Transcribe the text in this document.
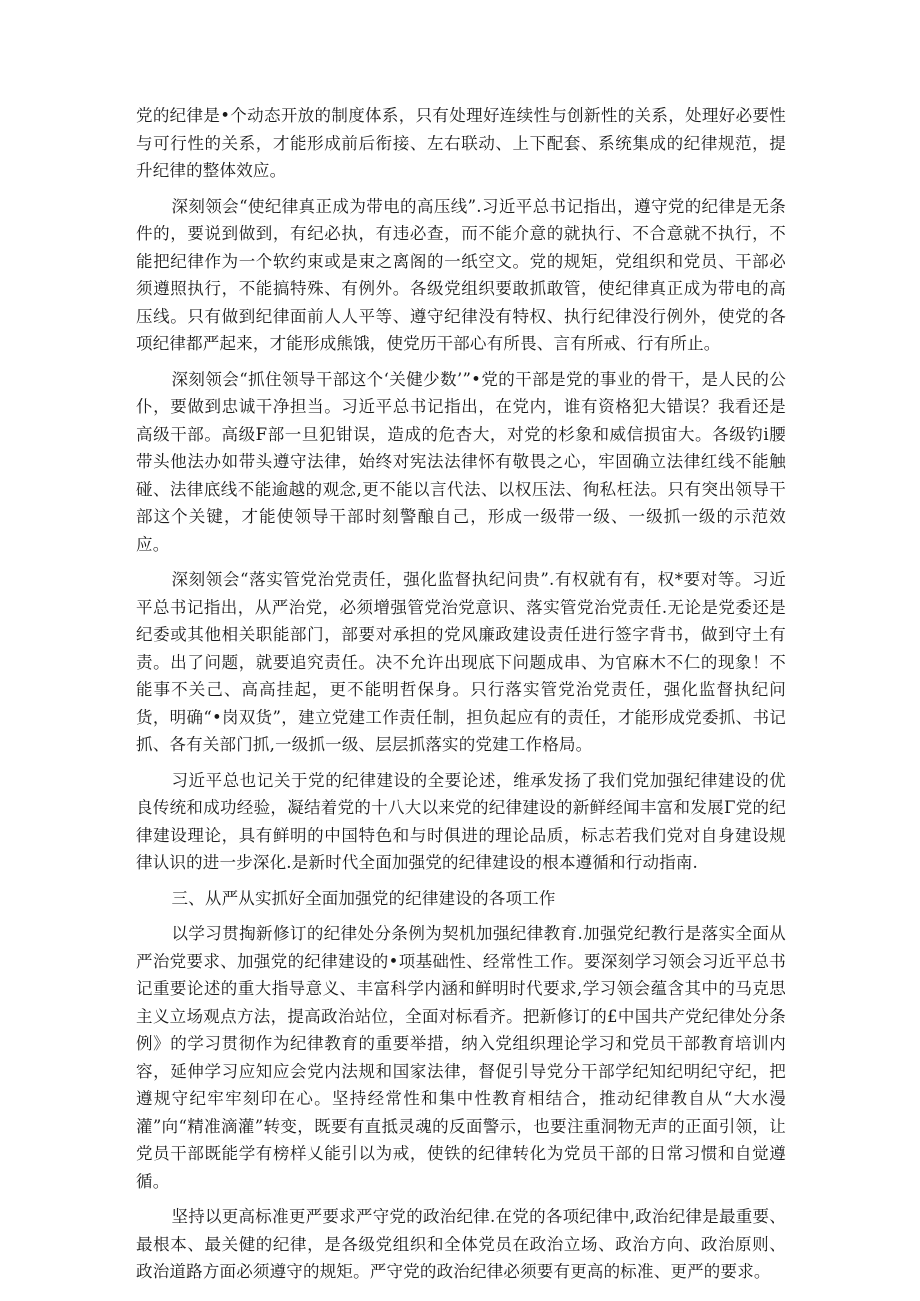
党的纪律是•个动态开放的制度体系，只有处理好连续性与创新性的关系，处理好必要性与可行性的关系，才能形成前后衔接、左右联动、上下配套、系统集成的纪律规范，提升纪律的整体效应。

深刻领会“使纪律真正成为带电的高压线”.习近平总书记指出，遵守党的纪律是无条件的，要说到做到，有纪必执，有违必查，而不能介意的就执行、不合意就不执行，不能把纪律作为一个软约束或是束之离阁的一纸空文。党的规矩，党组织和党员、干部必须遵照执行，不能搞特殊、有例外。各级党组织要敢抓敢管，使纪律真正成为带电的高压线。只有做到纪律面前人人平等、遵守纪律没有特权、执行纪律没行例外，使党的各项纪律都严起来，才能形成熊饿，使党历干部心有所畏、言有所戒、行有所止。

深刻领会“抓住领导干部这个‘关健少数’”•党的干部是党的事业的骨干，是人民的公仆，要做到忠诚干净担当。习近平总书记指出，在党内，谁有资格犯大错误？我看还是高级干部。高级F部一旦犯钳误，造成的危杏大，对党的杉象和威信损宙大。各级钓i腰带头他法办如带头遵守法律，始终对宪法法律怀有敬畏之心，牢固确立法律红线不能触碰、法律底线不能逾越的观念,更不能以言代法、以权压法、徇私枉法。只有突出领导干部这个关键，才能使领导干部时刻警酿自己，形成一级带一级、一级抓一级的示范效应。

深刻领会“落实管党治党责任，强化监督执纪问贵”.有权就有有，权*要对等。习近平总书记指出，从严治党，必须增强管党治党意识、落实管党治党责任.无论是党委还是纪委或其他相关职能部门，部要对承担的党风廉政建设责任进行签字背书，做到守土有责。出了问题，就要追究责任。决不允许出现底下问题成串、为官麻木不仁的现象！不能事不关己、高高挂起，更不能明哲保身。只行落实管党治党责任，强化监督执纪问货，明确“•岗双货”，建立党建工作责任制，担负起应有的责任，才能形成党委抓、书记抓、各有关部门抓,一级抓一级、层层抓落实的党建工作格局。

习近平总也记关于党的纪律建设的全要论述，维承发扬了我们党加强纪律建设的优良传统和成功经验，凝结着党的十八大以来党的纪律建设的新鲜经闻丰富和发展Γ党的纪律建设理论，具有鲜明的中国特色和与时俱进的理论品质，标志若我们党对自身建设规律认识的进一步深化.是新时代全面加强党的纪律建设的根本遵循和行动指南.

三、从严从实抓好全面加强党的纪律建设的各项工作

以学习贯掏新修订的纪律处分条例为契机加强纪律教育.加强党纪教行是落实全面从严治党要求、加强党的纪律建设的•项基础性、经常性工作。要深刻学习领会习近平总书记重要论述的重大指导意义、丰富科学内涵和鲜明时代要求,学习领会蕴含其中的马克思主义立场观点方法，提高政治站位，全面对标看齐。把新修订的£中国共产党纪律处分条例》的学习贯彻作为纪律教育的重要举措，纳入党组织理论学习和党员干部教育培训内容，延伸学习应知应会党内法规和国家法律，督促引导党分干部学纪知纪明纪守纪，把遵规守纪牢牢刻印在心。坚持经常性和集中性教育相结合，推动纪律教自从“大水漫灌”向“精准滴灌”转变，既要有直抵灵魂的反面警示，也要注重洞物无声的正面引领，让党员干部既能学有榜样乂能引以为戒，使铁的纪律转化为党员干部的日常习惯和自觉遵循。

坚持以更高标准更严要求严守党的政治纪律.在党的各项纪律中,政治纪律是最重要、最根本、最关健的纪律，是各级党组织和全体党员在政治立场、政治方向、政治原则、政治道路方面必须遵守的规矩。严守党的政治纪律必须要有更高的标准、更严的要求。
